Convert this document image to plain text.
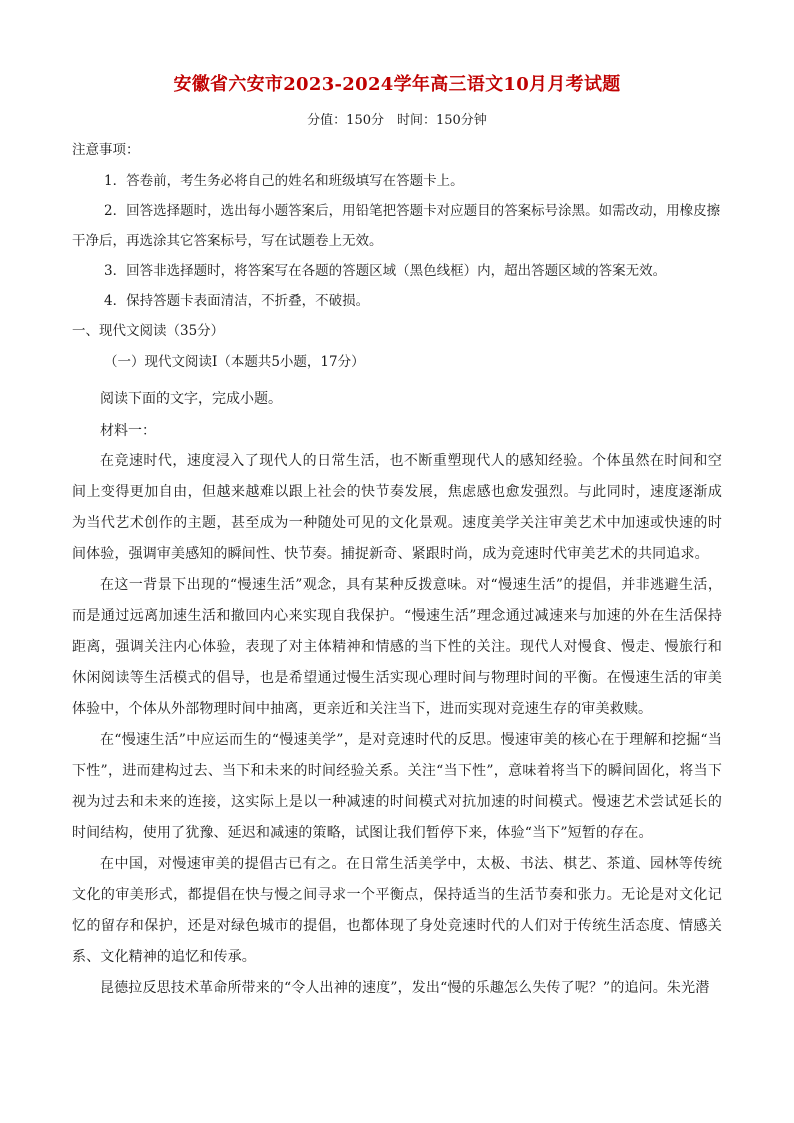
安徽省六安市2023-2024学年高三语文10月月考试题
分值：150分　时间：150分钟

注意事项：

1．答卷前，考生务必将自己的姓名和班级填写在答题卡上。

2．回答选择题时，选出每小题答案后，用铅笔把答题卡对应题目的答案标号涂黑。如需改动，用橡皮擦干净后，再选涂其它答案标号，写在试题卷上无效。

3．回答非选择题时，将答案写在各题的答题区域（黑色线框）内，超出答题区域的答案无效。

4．保持答题卡表面清洁，不折叠，不破损。

一、现代文阅读（35分）

（一）现代文阅读Ⅰ（本题共5小题，17分）

阅读下面的文字，完成小题。

材料一：

在竞速时代，速度浸入了现代人的日常生活，也不断重塑现代人的感知经验。个体虽然在时间和空间上变得更加自由，但越来越难以跟上社会的快节奏发展，焦虑感也愈发强烈。与此同时，速度逐渐成为当代艺术创作的主题，甚至成为一种随处可见的文化景观。速度美学关注审美艺术中加速或快速的时间体验，强调审美感知的瞬间性、快节奏。捕捉新奇、紧跟时尚，成为竞速时代审美艺术的共同追求。

在这一背景下出现的“慢速生活”观念，具有某种反拨意味。对“慢速生活”的提倡，并非逃避生活，而是通过远离加速生活和撤回内心来实现自我保护。“慢速生活”理念通过减速来与加速的外在生活保持距离，强调关注内心体验，表现了对主体精神和情感的当下性的关注。现代人对慢食、慢走、慢旅行和休闲阅读等生活模式的倡导，也是希望通过慢生活实现心理时间与物理时间的平衡。在慢速生活的审美体验中，个体从外部物理时间中抽离，更亲近和关注当下，进而实现对竞速生存的审美救赎。

在“慢速生活”中应运而生的“慢速美学”，是对竞速时代的反思。慢速审美的核心在于理解和挖掘“当下性”，进而建构过去、当下和未来的时间经验关系。关注“当下性”，意味着将当下的瞬间固化，将当下视为过去和未来的连接，这实际上是以一种减速的时间模式对抗加速的时间模式。慢速艺术尝试延长的时间结构，使用了犹豫、延迟和减速的策略，试图让我们暂停下来，体验“当下”短暂的存在。

在中国，对慢速审美的提倡古已有之。在日常生活美学中，太极、书法、棋艺、茶道、园林等传统文化的审美形式，都提倡在快与慢之间寻求一个平衡点，保持适当的生活节奏和张力。无论是对文化记忆的留存和保护，还是对绿色城市的提倡，也都体现了身处竞速时代的人们对于传统生活态度、情感关系、文化精神的追忆和传承。

昆德拉反思技术革命所带来的“令人出神的速度”，发出“慢的乐趣怎么失传了呢？”的追问。朱光潜
